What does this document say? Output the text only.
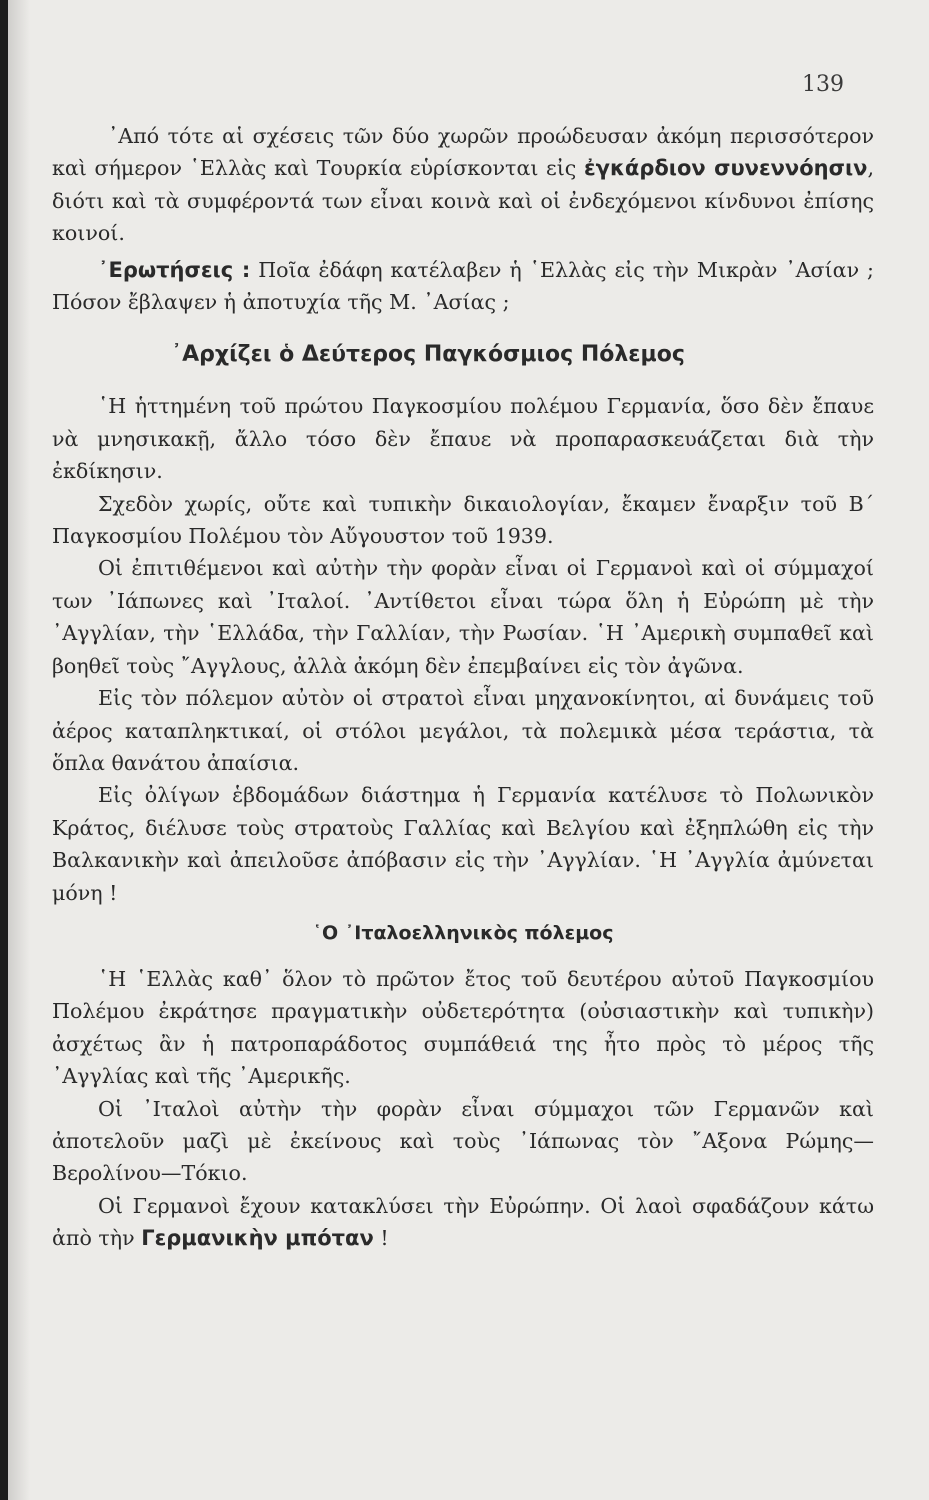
139

᾿Από τότε αἱ σχέσεις τῶν δύο χωρῶν προώδευσαν ἀκόμη περισσότερον καὶ σήμερον ῾Ελλὰς καὶ Τουρκία εὑρίσκονται εἰς ἐγκάρδιον συνεννόησιν, διότι καὶ τὰ συμφέροντά των εἶναι κοινὰ καὶ οἱ ἐνδεχόμενοι κίνδυνοι ἐπίσης κοινοί.

᾿Ερωτήσεις : Ποῖα ἐδάφη κατέλαβεν ἡ ῾Ελλὰς εἰς τὴν Μικρὰν ᾿Ασίαν ; Πόσον ἔβλαψεν ἡ ἀποτυχία τῆς Μ. ᾿Ασίας ;

᾿Αρχίζει ὁ Δεύτερος Παγκόσμιος Πόλεμος

῾Η ἡττημένη τοῦ πρώτου Παγκοσμίου πολέμου Γερμανία, ὅσο δὲν ἔπαυε νὰ μνησικακῇ, ἄλλο τόσο δὲν ἔπαυε νὰ προπαρασκευάζεται διὰ τὴν ἐκδίκησιν.

Σχεδὸν χωρίς, οὔτε καὶ τυπικὴν δικαιολογίαν, ἔκαμεν ἔναρξιν τοῦ Β´ Παγκοσμίου Πολέμου τὸν Αὔγουστον τοῦ 1939.

Οἱ ἐπιτιθέμενοι καὶ αὐτὴν τὴν φορὰν εἶναι οἱ Γερμανοὶ καὶ οἱ σύμμαχοί των ᾿Ιάπωνες καὶ ᾿Ιταλοί. ᾿Αντίθετοι εἶναι τώρα ὅλη ἡ Εὐρώπη μὲ τὴν ᾿Αγγλίαν, τὴν ῾Ελλάδα, τὴν Γαλλίαν, τὴν Ρωσίαν. ῾Η ᾿Αμερικὴ συμπαθεῖ καὶ βοηθεῖ τοὺς ῎Αγγλους, ἀλλὰ ἀκόμη δὲν ἐπεμβαίνει εἰς τὸν ἀγῶνα.

Εἰς τὸν πόλεμον αὐτὸν οἱ στρατοὶ εἶναι μηχανοκίνητοι, αἱ δυνάμεις τοῦ ἀέρος καταπληκτικαί, οἱ στόλοι μεγάλοι, τὰ πολεμικὰ μέσα τεράστια, τὰ ὅπλα θανάτου ἀπαίσια.

Εἰς ὀλίγων ἑβδομάδων διάστημα ἡ Γερμανία κατέλυσε τὸ Πολωνικὸν Κράτος, διέλυσε τοὺς στρατοὺς Γαλλίας καὶ Βελγίου καὶ ἐξηπλώθη εἰς τὴν Βαλκανικὴν καὶ ἀπειλοῦσε ἀπόβασιν εἰς τὴν ᾿Αγγλίαν. ῾Η ᾿Αγγλία ἀμύνεται μόνη !

῾Ο ᾿Ιταλοελληνικὸς πόλεμος

῾Η ῾Ελλὰς καθ᾿ ὅλον τὸ πρῶτον ἔτος τοῦ δευτέρου αὐτοῦ Παγκοσμίου Πολέμου ἐκράτησε πραγματικὴν οὐδετερότητα (οὐσιαστικὴν καὶ τυπικὴν) ἀσχέτως ἂν ἡ πατροπαράδοτος συμπάθειά της ἦτο πρὸς τὸ μέρος τῆς ᾿Αγγλίας καὶ τῆς ᾿Αμερικῆς.

Οἱ ᾿Ιταλοὶ αὐτὴν τὴν φορὰν εἶναι σύμμαχοι τῶν Γερμανῶν καὶ ἀποτελοῦν μαζὶ μὲ ἐκείνους καὶ τοὺς ᾿Ιάπωνας τὸν ῎Αξονα Ρώμης—Βερολίνου—Τόκιο.

Οἱ Γερμανοὶ ἔχουν κατακλύσει τὴν Εὐρώπην. Οἱ λαοὶ σφαδάζουν κάτω ἀπὸ τὴν Γερμανικὴν μπόταν !
